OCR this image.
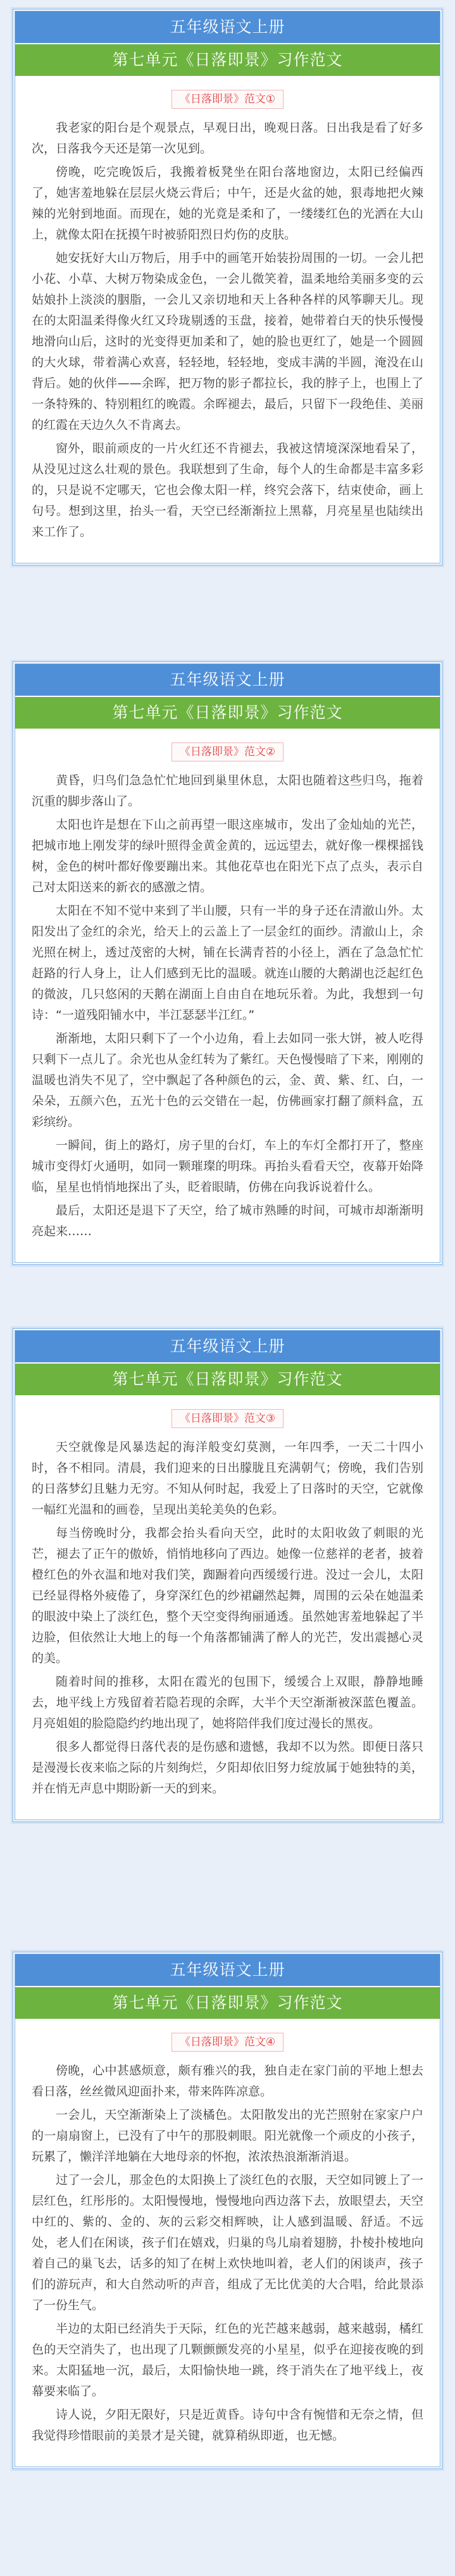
五年级语文上册
第七单元《日落即景》习作范文
《日落即景》范文①

我老家的阳台是个观景点，早观日出，晚观日落。日出我是看了好多次，日落我今天还是第一次见到。

傍晚，吃完晚饭后，我搬着板凳坐在阳台落地窗边，太阳已经偏西了，她害羞地躲在层层火烧云背后；中午，还是火盆的她，狠毒地把火辣辣的光射到地面。而现在，她的光竟是柔和了，一缕缕红色的光洒在大山上，就像太阳在抚摸午时被骄阳烈日灼伤的皮肤。

她安抚好大山万物后，用手中的画笔开始装扮周围的一切。一会儿把小花、小草、大树万物染成金色，一会儿微笑着，温柔地给美丽多变的云姑娘扑上淡淡的胭脂，一会儿又亲切地和天上各种各样的风筝聊天儿。现在的太阳温柔得像火红又玲珑剔透的玉盘，接着，她带着白天的快乐慢慢地滑向山后，这时的光变得更加柔和了，她的脸也更红了，她是一个圆圆的大火球，带着满心欢喜，轻轻地，轻轻地，变成丰满的半圆，淹没在山背后。她的伙伴——余晖，把万物的影子都拉长，我的脖子上，也围上了一条特殊的、特别粗红的晚霞。余晖褪去，最后，只留下一段绝佳、美丽的红霞在天边久久不肯离去。

窗外，眼前顽皮的一片火红还不肯褪去，我被这情境深深地看呆了，从没见过这么壮观的景色。我联想到了生命，每个人的生命都是丰富多彩的，只是说不定哪天，它也会像太阳一样，终究会落下，结束使命，画上句号。想到这里，抬头一看，天空已经渐渐拉上黑幕，月亮星星也陆续出来工作了。

五年级语文上册
第七单元《日落即景》习作范文
《日落即景》范文②

黄昏，归鸟们急急忙忙地回到巢里休息，太阳也随着这些归鸟，拖着沉重的脚步落山了。

太阳也许是想在下山之前再望一眼这座城市，发出了金灿灿的光芒，把城市地上刚发芽的绿叶照得金黄金黄的，远远望去，就好像一棵棵摇钱树，金色的树叶都好像要蹦出来。其他花草也在阳光下点了点头，表示自己对太阳送来的新衣的感激之情。

太阳在不知不觉中来到了半山腰，只有一半的身子还在清澈山外。太阳发出了金红的余光，给天上的云盖上了一层金红的面纱。清澈山上，余光照在树上，透过茂密的大树，铺在长满青苔的小径上，洒在了急急忙忙赶路的行人身上，让人们感到无比的温暖。就连山腰的大鹅湖也泛起红色的微波，几只悠闲的天鹅在湖面上自由自在地玩乐着。为此，我想到一句诗：“一道残阳铺水中，半江瑟瑟半江红。”

渐渐地，太阳只剩下了一个小边角，看上去如同一张大饼，被人吃得只剩下一点儿了。余光也从金红转为了紫红。天色慢慢暗了下来，刚刚的温暖也消失不见了，空中飘起了各种颜色的云，金、黄、紫、红、白，一朵朵，五颜六色，五光十色的云交错在一起，仿佛画家打翻了颜料盒，五彩缤纷。

一瞬间，街上的路灯，房子里的台灯，车上的车灯全都打开了，整座城市变得灯火通明，如同一颗璀璨的明珠。再抬头看看天空，夜幕开始降临，星星也悄悄地探出了头，眨着眼睛，仿佛在向我诉说着什么。

最后，太阳还是退下了天空，给了城市熟睡的时间，可城市却渐渐明亮起来……

五年级语文上册
第七单元《日落即景》习作范文
《日落即景》范文③

天空就像是风暴迭起的海洋般变幻莫测，一年四季，一天二十四小时，各不相同。清晨，我们迎来的日出朦胧且充满朝气；傍晚，我们告别的日落梦幻且魅力无穷。不知从何时起，我爱上了日落时的天空，它就像一幅红光温和的画卷，呈现出美轮美奂的色彩。

每当傍晚时分，我都会抬头看向天空，此时的太阳收敛了刺眼的光芒，褪去了正午的傲娇，悄悄地移向了西边。她像一位慈祥的老者，披着橙红色的外衣温和地对我们笑，踟蹰着向西缓缓行进。没过一会儿，太阳已经显得格外疲倦了，身穿深红色的纱裙翩然起舞，周围的云朵在她温柔的眼波中染上了淡红色，整个天空变得绚丽通透。虽然她害羞地躲起了半边脸，但依然让大地上的每一个角落都铺满了醉人的光芒，发出震撼心灵的美。

随着时间的推移，太阳在霞光的包围下，缓缓合上双眼，静静地睡去，地平线上方残留着若隐若现的余晖，大半个天空渐渐被深蓝色覆盖。月亮姐姐的脸隐隐约约地出现了，她将陪伴我们度过漫长的黑夜。

很多人都觉得日落代表的是伤感和遗憾，我却不以为然。即便日落只是漫漫长夜来临之际的片刻绚烂，夕阳却依旧努力绽放属于她独特的美，并在悄无声息中期盼新一天的到来。

五年级语文上册
第七单元《日落即景》习作范文
《日落即景》范文④

傍晚，心中甚感烦意，颇有雅兴的我，独自走在家门前的平地上想去看日落，丝丝微风迎面扑来，带来阵阵凉意。

一会儿，天空渐渐染上了淡橘色。太阳散发出的光芒照射在家家户户的一扇扇窗上，已没有了中午的那股刺眼。阳光就像一个顽皮的小孩子，玩累了，懒洋洋地躺在大地母亲的怀抱，浓浓热浪渐渐消退。

过了一会儿，那金色的太阳换上了淡红色的衣服，天空如同镀上了一层红色，红彤彤的。太阳慢慢地，慢慢地向西边落下去，放眼望去，天空中红的、紫的、金的、灰的云彩交相辉映，让人感到温暖、舒适。不远处，老人们在闲谈，孩子们在嬉戏，归巢的鸟儿扇着翅膀，扑棱扑棱地向着自己的巢飞去，话多的知了在树上欢快地叫着，老人们的闲谈声，孩子们的游玩声，和大自然动听的声音，组成了无比优美的大合唱，给此景添了一份生气。

半边的太阳已经消失于天际，红色的光芒越来越弱，越来越弱，橘红色的天空消失了，也出现了几颗颤颤发亮的小星星，似乎在迎接夜晚的到来。太阳猛地一沉，最后，太阳愉快地一跳，终于消失在了地平线上，夜幕要来临了。

诗人说，夕阳无限好，只是近黄昏。诗句中含有惋惜和无奈之情，但我觉得珍惜眼前的美景才是关键，就算稍纵即逝，也无憾。
